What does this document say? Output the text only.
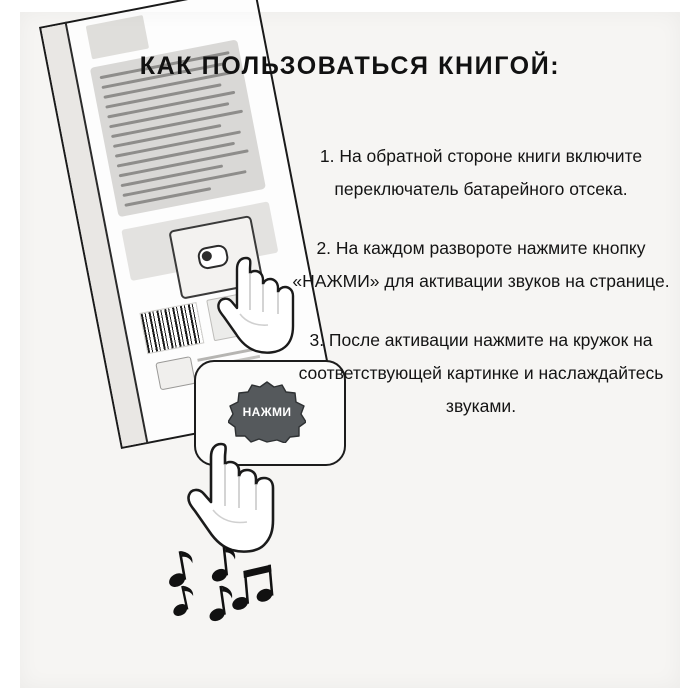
НАЖМИ
КАК ПОЛЬЗОВАТЬСЯ КНИГОЙ:
1. На обратной стороне книги включите переключатель батарейного отсека.
2. На каждом развороте нажмите кнопку «НАЖМИ» для активации звуков на странице.
3. После активации нажмите на кружок на соответствующей картинке и наслаждайтесь звуками.
